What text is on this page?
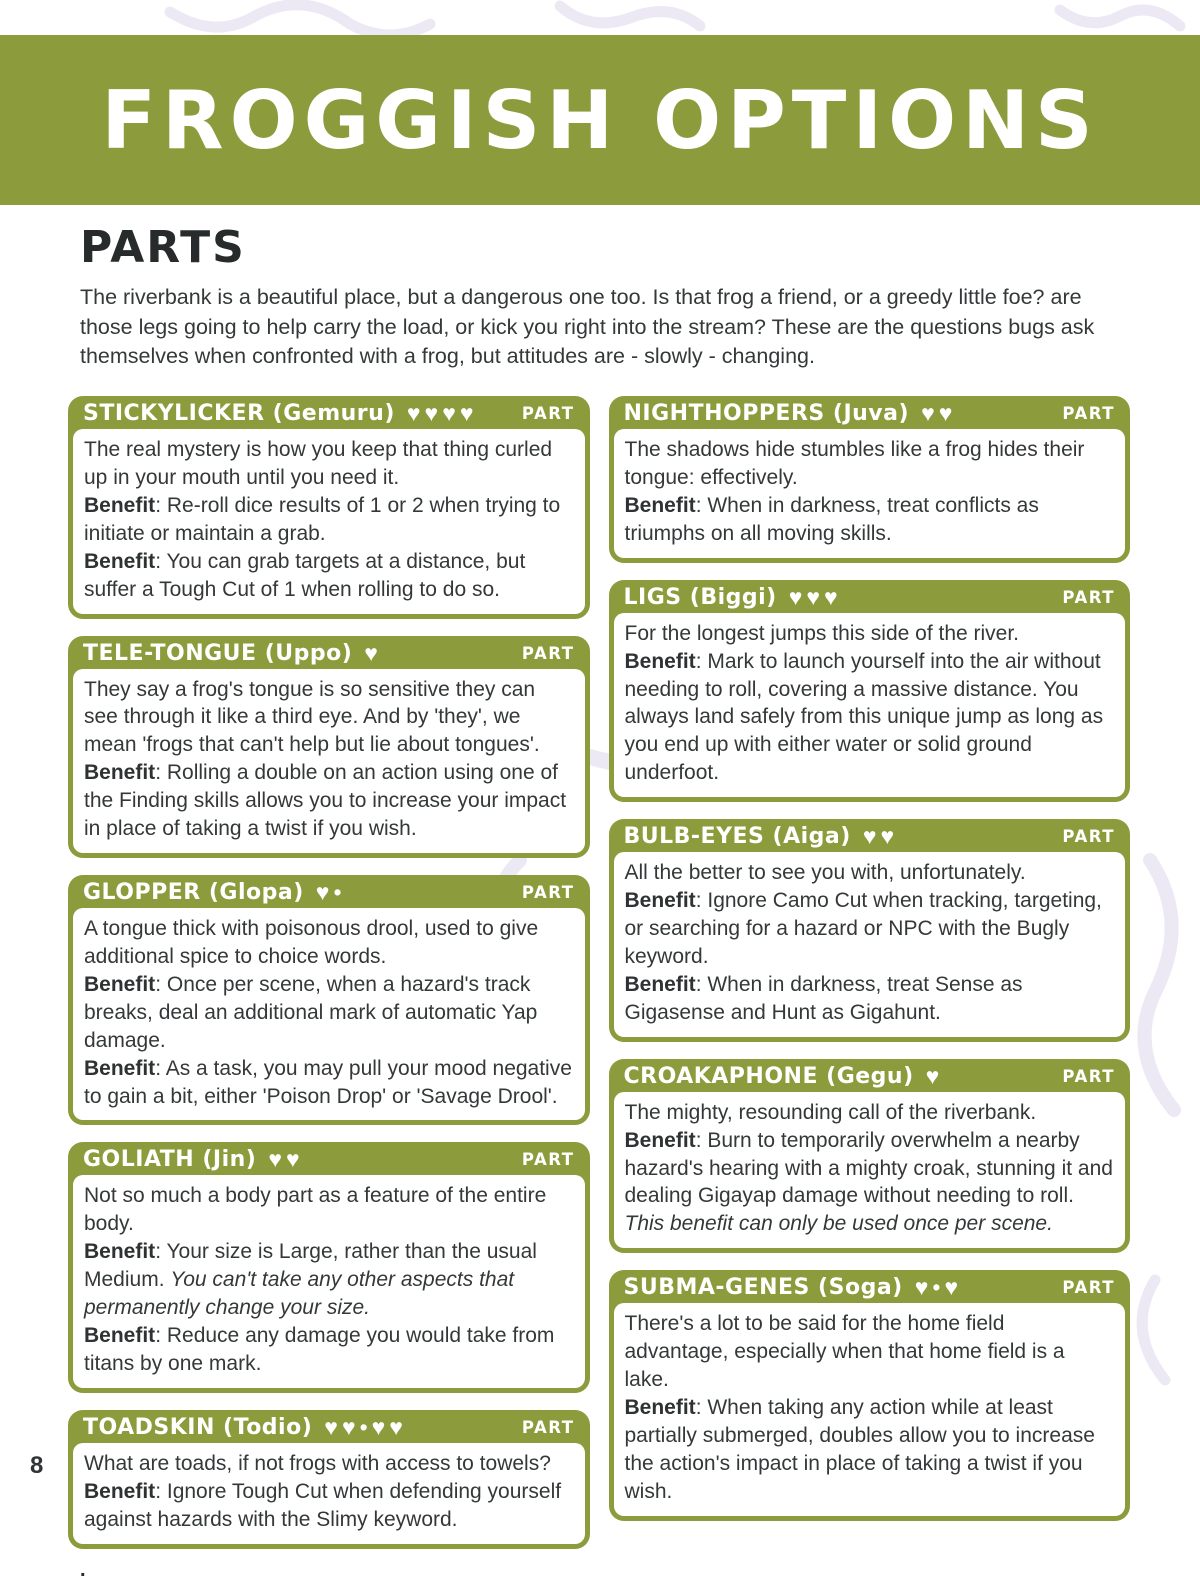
FROGGISH OPTIONS
PARTS

The riverbank is a beautiful place, but a dangerous one too. Is that frog a friend, or a greedy little foe? are those legs going to help carry the load, or kick you right into the stream? These are the questions bugs ask themselves when confronted with a frog, but attitudes are - slowly - changing.

STICKYLICKER (Gemuru) ♥♥♥♥	PART

The real mystery is how you keep that thing curled up in your mouth until you need it.

Benefit: Re-roll dice results of 1 or 2 when trying to initiate or maintain a grab.

Benefit: You can grab targets at a distance, but suffer a Tough Cut of 1 when rolling to do so.

TELE-TONGUE (Uppo) ♥	PART

They say a frog's tongue is so sensitive they can see through it like a third eye. And by 'they', we mean 'frogs that can't help but lie about tongues'.

Benefit: Rolling a double on an action using one of the Finding skills allows you to increase your impact in place of taking a twist if you wish.

GLOPPER (Glopa) ♥•	PART

A tongue thick with poisonous drool, used to give additional spice to choice words.

Benefit: Once per scene, when a hazard's track breaks, deal an additional mark of automatic Yap damage.

Benefit: As a task, you may pull your mood negative to gain a bit, either 'Poison Drop' or 'Savage Drool'.

GOLIATH (Jin) ♥♥	PART

Not so much a body part as a feature of the entire body.

Benefit: Your size is Large, rather than the usual Medium. You can't take any other aspects that permanently change your size.

Benefit: Reduce any damage you would take from titans by one mark.

TOADSKIN (Todio) ♥♥•♥♥	PART

What are toads, if not frogs with access to towels?

Benefit: Ignore Tough Cut when defending yourself against hazards with the Slimy keyword.

.
NIGHTHOPPERS (Juva) ♥♥	PART

The shadows hide stumbles like a frog hides their tongue: effectively.

Benefit: When in darkness, treat conflicts as triumphs on all moving skills.

LIGS (Biggi) ♥♥♥	PART

For the longest jumps this side of the river.

Benefit: Mark to launch yourself into the air without needing to roll, covering a massive distance. You always land safely from this unique jump as long as you end up with either water or solid ground underfoot.

BULB-EYES (Aiga) ♥♥	PART

All the better to see you with, unfortunately.

Benefit: Ignore Camo Cut when tracking, targeting, or searching for a hazard or NPC with the Bugly keyword.

Benefit: When in darkness, treat Sense as Gigasense and Hunt as Gigahunt.

CROAKAPHONE (Gegu) ♥	PART

The mighty, resounding call of the riverbank.

Benefit: Burn to temporarily overwhelm a nearby hazard's hearing with a mighty croak, stunning it and dealing Gigayap damage without needing to roll. This benefit can only be used once per scene.

SUBMA-GENES (Soga) ♥•♥	PART

There's a lot to be said for the home field advantage, especially when that home field is a lake.

Benefit: When taking any action while at least partially submerged, doubles allow you to increase the action's impact in place of taking a twist if you wish.

8
